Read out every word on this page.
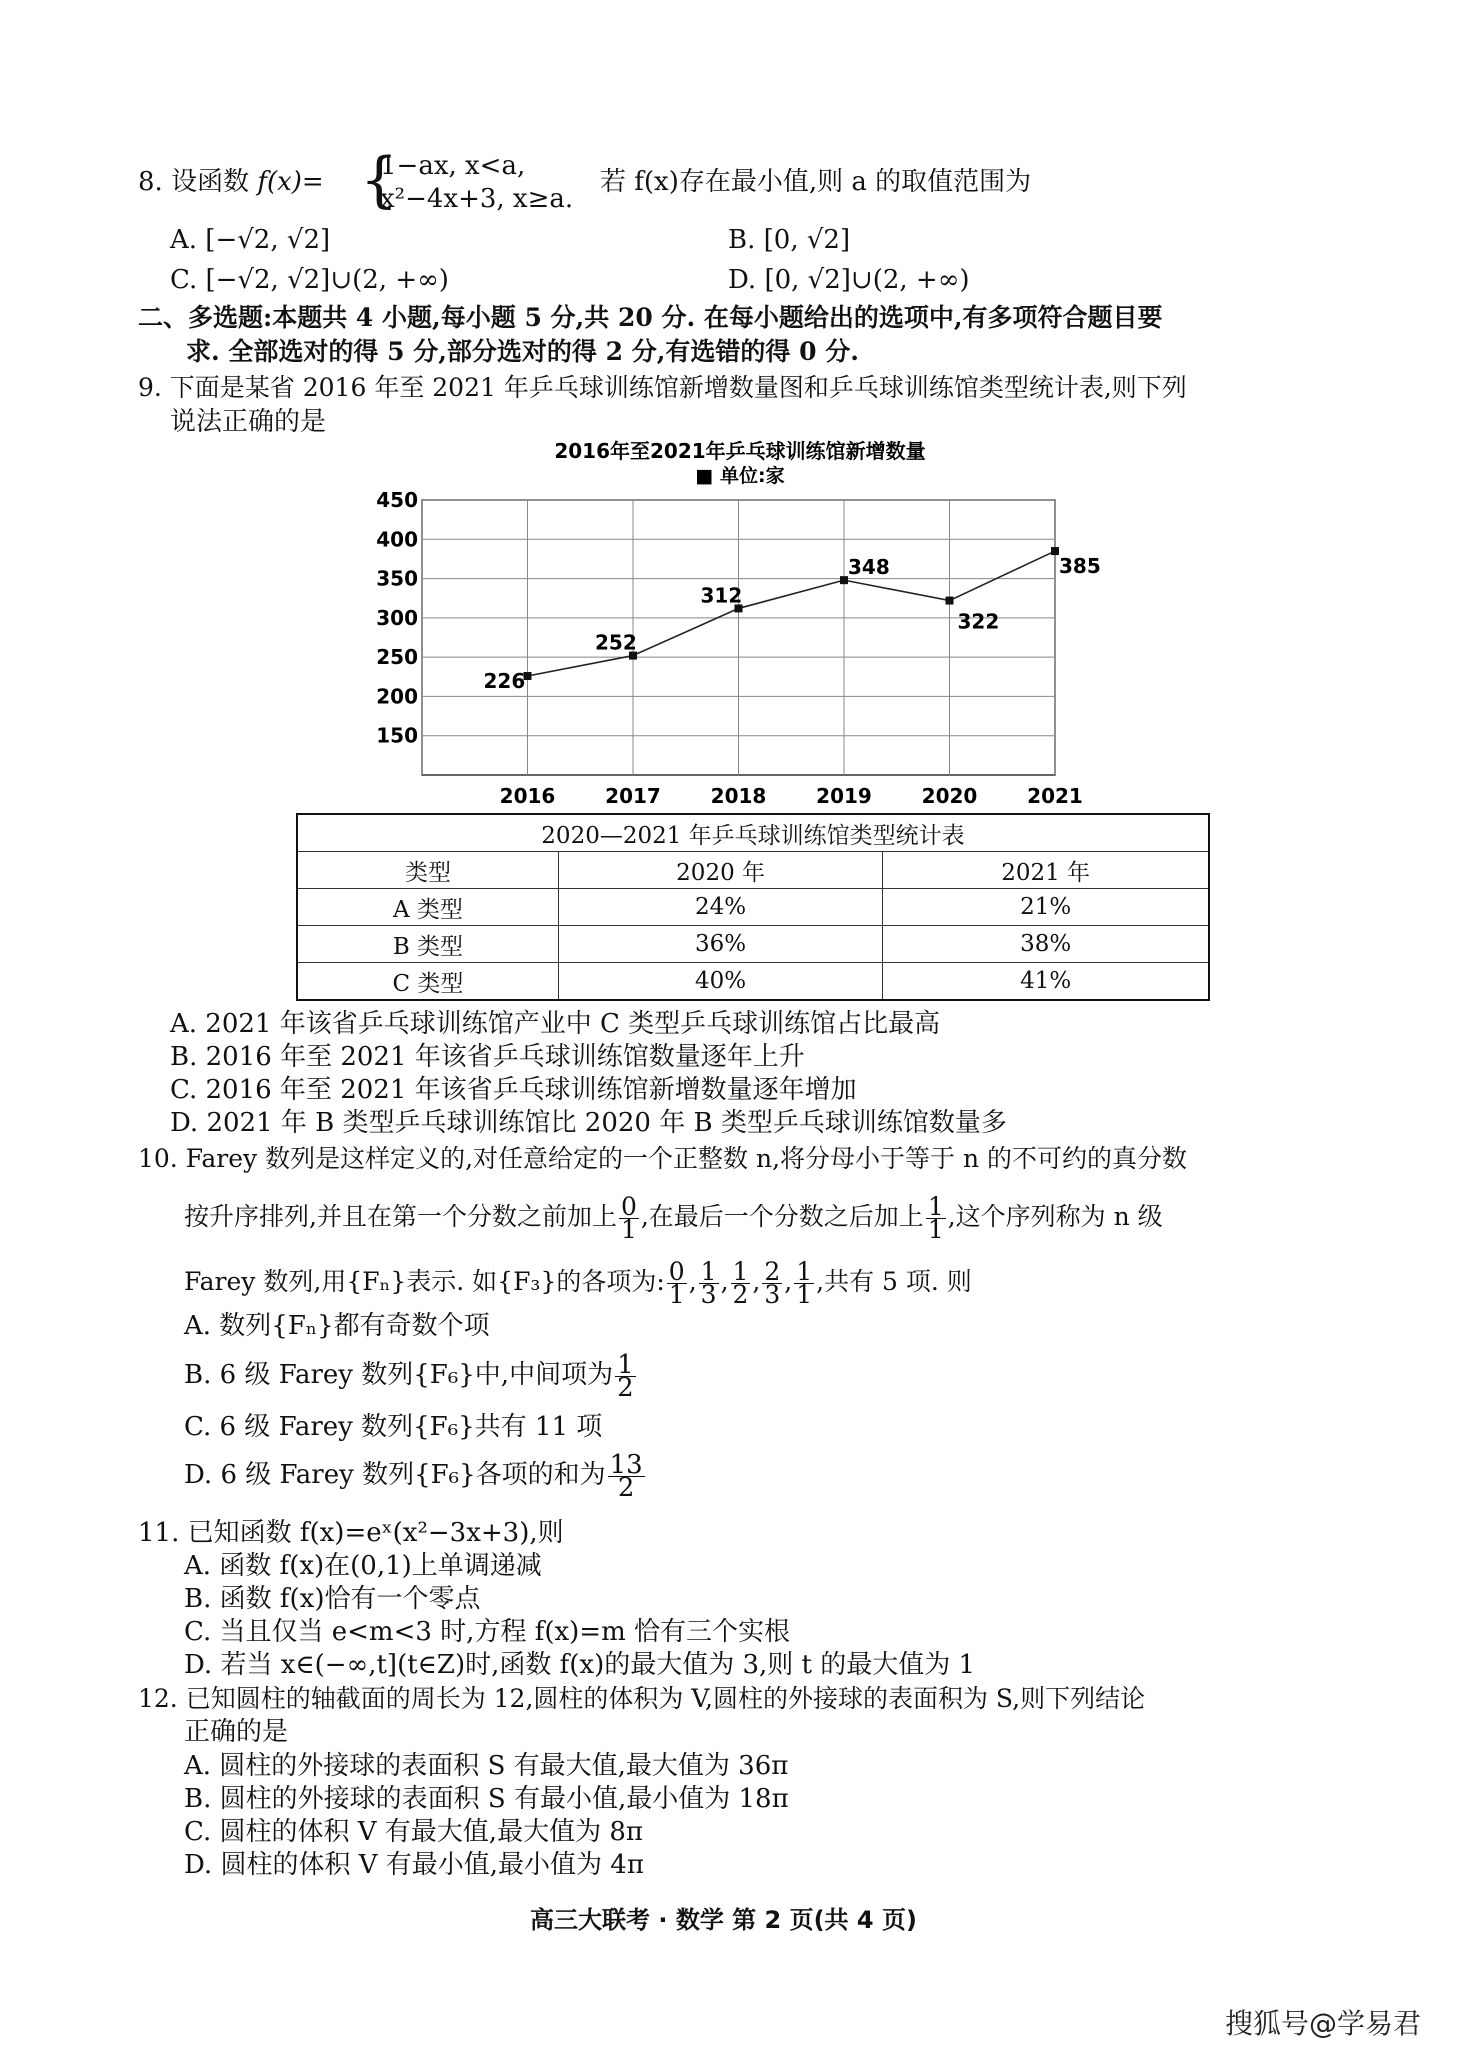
8. 设函数 f(x)= {
1−ax, x<a,
x²−4x+3, x≥a.
若 f(x)存在最小值,则 a 的取值范围为
A. [−√2, √2]	B. [0, √2]
C. [−√2, √2]∪(2, +∞)	D. [0, √2]∪(2, +∞)
二、多选题:本题共 4 小题,每小题 5 分,共 20 分. 在每小题给出的选项中,有多项符合题目要
求. 全部选对的得 5 分,部分选对的得 2 分,有选错的得 0 分.
9. 下面是某省 2016 年至 2021 年乒乓球训练馆新增数量图和乒乓球训练馆类型统计表,则下列
说法正确的是
2016年至2021年乒乓球训练馆新增数量
■ 单位:家
150
200
250
300
350
400
450
2016 2017 2018 2019 2020 2021
226
252
312
348
322
385
2020—2021 年乒乓球训练馆类型统计表		
类型	2020 年	2021 年
A 类型	24%	21%
B 类型	36%	38%
C 类型	40%	41%
A. 2021 年该省乒乓球训练馆产业中 C 类型乒乓球训练馆占比最高
B. 2016 年至 2021 年该省乒乓球训练馆数量逐年上升
C. 2016 年至 2021 年该省乒乓球训练馆新增数量逐年增加
D. 2021 年 B 类型乒乓球训练馆比 2020 年 B 类型乒乓球训练馆数量多
10. Farey 数列是这样定义的,对任意给定的一个正整数 n,将分母小于等于 n 的不可约的真分数
按升序排列,并且在第一个分数之前加上 $\frac{0}{1}$ ,在最后一个分数之后加上 $\frac{1}{1}$ ,这个序列称为 n 级
Farey 数列,用{Fₙ}表示. 如{F₃}的各项为: $\frac{0}{1}$ , $\frac{1}{3}$ , $\frac{1}{2}$ , $\frac{2}{3}$ , $\frac{1}{1}$ ,共有 5 项. 则
A. 数列{Fₙ}都有奇数个项
B. 6 级 Farey 数列{F₆}中,中间项为 $\frac{1}{2}$
C. 6 级 Farey 数列{F₆}共有 11 项
D. 6 级 Farey 数列{F₆}各项的和为 $\frac{13}{2}$
11. 已知函数 f(x)=eˣ(x²−3x+3),则
A. 函数 f(x)在(0,1)上单调递减
B. 函数 f(x)恰有一个零点
C. 当且仅当 e<m<3 时,方程 f(x)=m 恰有三个实根
D. 若当 x∈(−∞,t](t∈Z)时,函数 f(x)的最大值为 3,则 t 的最大值为 1
12. 已知圆柱的轴截面的周长为 12,圆柱的体积为 V,圆柱的外接球的表面积为 S,则下列结论
正确的是
A. 圆柱的外接球的表面积 S 有最大值,最大值为 36π
B. 圆柱的外接球的表面积 S 有最小值,最小值为 18π
C. 圆柱的体积 V 有最大值,最大值为 8π
D. 圆柱的体积 V 有最小值,最小值为 4π
高三大联考 · 数学 第 2 页(共 4 页)
搜狐号@学易君
